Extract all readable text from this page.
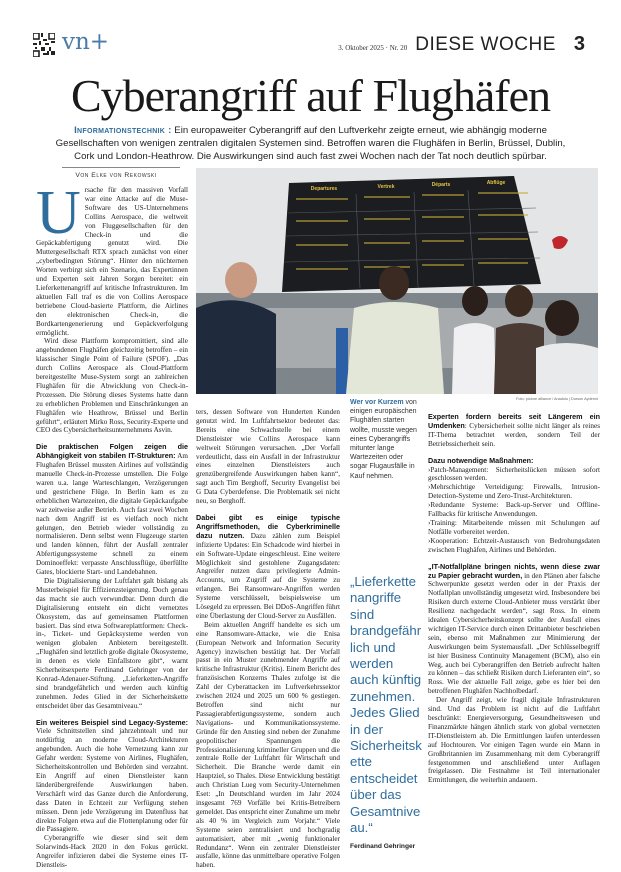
vn+	3. Oktober 2025 · Nr. 20 DIESE WOCHE 3
Cyberangriff auf Flughäfen
Informationstechnik : Ein europaweiter Cyberangriff auf den Luftverkehr zeigte erneut, wie abhängig moderne Gesellschaften von wenigen zentralen digitalen Systemen sind. Betroffen waren die Flughäfen in Berlin, Brüssel, Dublin, Cork und London-Heathrow. Die Auswirkungen sind auch fast zwei Wochen nach der Tat noch deutlich spürbar.
Von Elke von Rekowski

Ursache für den massiven Vorfall war eine Attacke auf die Muse-Software des US-Unternehmens Collins Aerospace, die weltweit von Fluggesellschaften für den Check-in und die Gepäckabfertigung genutzt wird. Die Muttergesellschaft RTX sprach zunächst von einer „cyberbedingten Störung“. Hinter den nüchternen Worten verbirgt sich ein Szenario, das Expertinnen und Experten seit Jahren Sorgen bereitet: ein Lieferkettenangriff auf kritische Infrastrukturen. Im aktuellen Fall traf es die von Collins Aerospace betriebene Cloud-basierte Plattform, die Airlines den elektronischen Check-in, die Bordkartengenerierung und Gepäckverfolgung ermöglicht.

Wird diese Plattform kompromittiert, sind alle angebundenen Flughäfen gleichzeitig betroffen – ein klassischer Single Point of Failure (SPOF). „Das durch Collins Aerospace als Cloud-Plattform bereitgestellte Muse-System sorgt an zahlreichen Flughäfen für die Abwicklung von Check-in-Prozessen. Die Störung dieses Systems hatte dann zu erheblichen Problemen und Einschränkungen an Flughäfen wie Heathrow, Brüssel und Berlin geführt“, erläutert Mirko Ross, Security-Experte und CEO des Cybersicherheitsunternehmens Asvin.

Die praktischen Folgen zeigen die Abhängigkeit von stabilen IT-Strukturen: Am Flughafen Brüssel mussten Airlines auf vollständig manuelle Check-in-Prozesse umstellen. Die Folge waren u.a. lange Warteschlangen, Verzögerungen und gestrichene Flüge. In Berlin kam es zu erheblichen Wartezeiten, die digitale Gepäckaufgabe war zeitweise außer Betrieb. Auch fast zwei Wochen nach dem Angriff ist es vielfach noch nicht gelungen, den Betrieb wieder vollständig zu normalisieren. Denn selbst wenn Flugzeuge starten und landen können, führt der Ausfall zentraler Abfertigungssysteme schnell zu einem Dominoeffekt: verpasste Anschlussflüge, überfüllte Gates, blockierte Start- und Landebahnen.

Die Digitalisierung der Luftfahrt galt bislang als Musterbeispiel für Effizienzsteigerung. Doch genau das macht sie auch verwundbar. Denn durch die Digitalisierung entsteht ein dicht vernetztes Ökosystem, das auf gemeinsamen Plattformen basiert. Das sind etwa Softwareplattformen: Check-in-, Ticket- und Gepäcksysteme werden von wenigen globalen Anbietern bereitgestellt. „Flughäfen sind letztlich große digitale Ökosysteme, in denen es viele Einfallstore gibt“, warnt Sicherheitsexperte Ferdinand Gehringer von der Konrad-Adenauer-Stiftung. „Lieferketten-Angriffe sind brandgefährlich und werden auch künftig zunehmen. Jedes Glied in der Sicherheitskette entscheidet über das Gesamtniveau.“

Ein weiteres Beispiel sind Legacy-Systeme: Viele Schnittstellen sind jahrzehntealt und nur notdürftig an moderne Cloud-Architekturen angebunden. Auch die hohe Vernetzung kann zur Gefahr werden: Systeme von Airlines, Flughäfen, Sicherheitskontrollen und Behörden sind verzahnt. Ein Angriff auf einen Dienstleister kann länderübergreifende Auswirkungen haben. Verschärft wird das Ganze durch die Anforderung, dass Daten in Echtzeit zur Verfügung stehen müssen. Denn jede Verzögerung im Datenfluss hat direkte Folgen etwa auf die Flottenplanung oder für die Passagiere.

Cyberangriffe wie dieser sind seit dem Solarwinds-Hack 2020 in den Fokus gerückt. Angreifer infizieren dabei die Systeme eines IT-Dienstleis-

Departures	Vertrek	Départs	Abflüge
Foto: picture alliance / Anadolu | Dursun Aydemir

ters, dessen Software von Hunderten Kunden genutzt wird. Im Luftfahrtsektor bedeutet das: Bereits eine Schwachstelle bei einem Dienstleister wie Collins Aerospace kann weltweit Störungen verursachen. „Der Vorfall verdeutlicht, dass ein Ausfall in der Infrastruktur eines einzelnen Dienstleisters auch grenzübergreifende Auswirkungen haben kann“, sagt auch Tim Berghoff, Security Evangelist bei G Data Cyberdefense. Die Problematik sei nicht neu, so Berghoff.

Dabei gibt es einige typische Angriffsmethoden, die Cyberkriminelle dazu nutzen. Dazu zählen zum Beispiel infizierte Updates: Ein Schadcode wird hierbei in ein Software-Update eingeschleust. Eine weitere Möglichkeit sind gestohlene Zugangsdaten: Angreifer nutzen dazu privilegierte Admin-Accounts, um Zugriff auf die Systeme zu erlangen. Bei Ransomware-Angriffen werden Systeme verschlüsselt, beispielsweise um Lösegeld zu erpressen. Bei DDoS-Angriffen führt eine Überlastung der Cloud-Server zu Ausfällen.

Beim aktuellen Angriff handelte es sich um eine Ransomware-Attacke, wie die Enisa (European Network and Information Security Agency) inzwischen bestätigt hat. Der Vorfall passt in ein Muster zunehmender Angriffe auf kritische Infrastruktur (Kritis). Einem Bericht des französischen Konzerns Thales zufolge ist die Zahl der Cyberattacken im Luftverkehrssektor zwischen 2024 und 2025 um 600 % gestiegen. Betroffen sind nicht nur Passagierabfertigungssysteme, sondern auch Navigations- und Kommunikationssysteme. Gründe für den Anstieg sind neben der Zunahme geopolitischer Spannungen die Professionalisierung krimineller Gruppen und die zentrale Rolle der Luftfahrt für Wirtschaft und Sicherheit. Die Branche werde damit ein Hauptziel, so Thales. Diese Entwicklung bestätigt auch Christian Lueg vom Security-Unternehmen Eset: „In Deutschland wurden im Jahr 2024 insgesamt 769 Vorfälle bei Kritis-Betreibern gemeldet. Das entspricht einer Zunahme um mehr als 40 % im Vergleich zum Vorjahr.“ Viele Systeme seien zentralisiert und hochgradig automatisiert, aber mit „wenig funktionaler Redundanz“. Wenn ein zentraler Dienstleister ausfalle, könne das unmittelbare operative Folgen haben.

Wer vor Kurzem von einigen europäischen Flughäfen starten wollte, musste wegen eines Cyberangriffs mitunter lange Wartezeiten oder sogar Flugausfälle in Kauf nehmen.
„Lieferkettenangriffe sind brandgefährlich und werden auch künftig zunehmen. Jedes Glied in der Sicherheitskette entscheidet über das Gesamtniveau.“
Ferdinand Gehringer

Experten fordern bereits seit Längerem ein Umdenken: Cybersicherheit sollte nicht länger als reines IT-Thema betrachtet werden, sondern Teil der Betriebssicherheit sein.

Dazu notwendige Maßnahmen:

›Patch-Management: Sicherheitslücken müssen sofort geschlossen werden.

›Mehrschichtige Verteidigung: Firewalls, Intrusion-Detection-Systeme und Zero-Trust-Architekturen.

›Redundante Systeme: Back-up-Server und Offline-Fallbacks für kritische Anwendungen.

›Training: Mitarbeitende müssen mit Schulungen auf Notfälle vorbereitet werden.

›Kooperation: Echtzeit-Austausch von Bedrohungsdaten zwischen Flughäfen, Airlines und Behörden.

„IT-Notfallpläne bringen nichts, wenn diese zwar zu Papier gebracht wurden, in den Plänen aber falsche Schwerpunkte gesetzt werden oder in der Praxis der Notfallplan unvollständig umgesetzt wird. Insbesondere bei Risiken durch externe Cloud-Anbieter muss verstärkt über Resilienz nachgedacht werden“, sagt Ross. In einem idealen Cybersicherheitskonzept sollte der Ausfall eines wichtigen IT-Service durch einen Drittanbieter beschrieben sein, ebenso mit Maßnahmen zur Minimierung der Auswirkungen beim Systemausfall. „Der Schlüsselbegriff ist hier Business Continuity Management (BCM), also ein Weg, auch bei Cyberangriffen den Betrieb aufrecht halten zu können – das schließt Risiken durch Lieferanten ein“, so Ross. Wie der aktuelle Fall zeige, gebe es hier bei den betroffenen Flughäfen Nachholbedarf.

Der Angriff zeigt, wie fragil digitale Infrastrukturen sind. Und das Problem ist nicht auf die Luftfahrt beschränkt: Energieversorgung, Gesundheitswesen und Finanzmärkte hängen ähnlich stark von global vernetzten IT-Dienstleistern ab. Die Ermittlungen laufen unterdessen auf Hochtouren. Vor einigen Tagen wurde ein Mann in Großbritannien im Zusammenhang mit dem Cyberangriff festgenommen und anschließend unter Auflagen freigelassen. Die Festnahme ist Teil internationaler Ermittlungen, die weiterhin andauern.
